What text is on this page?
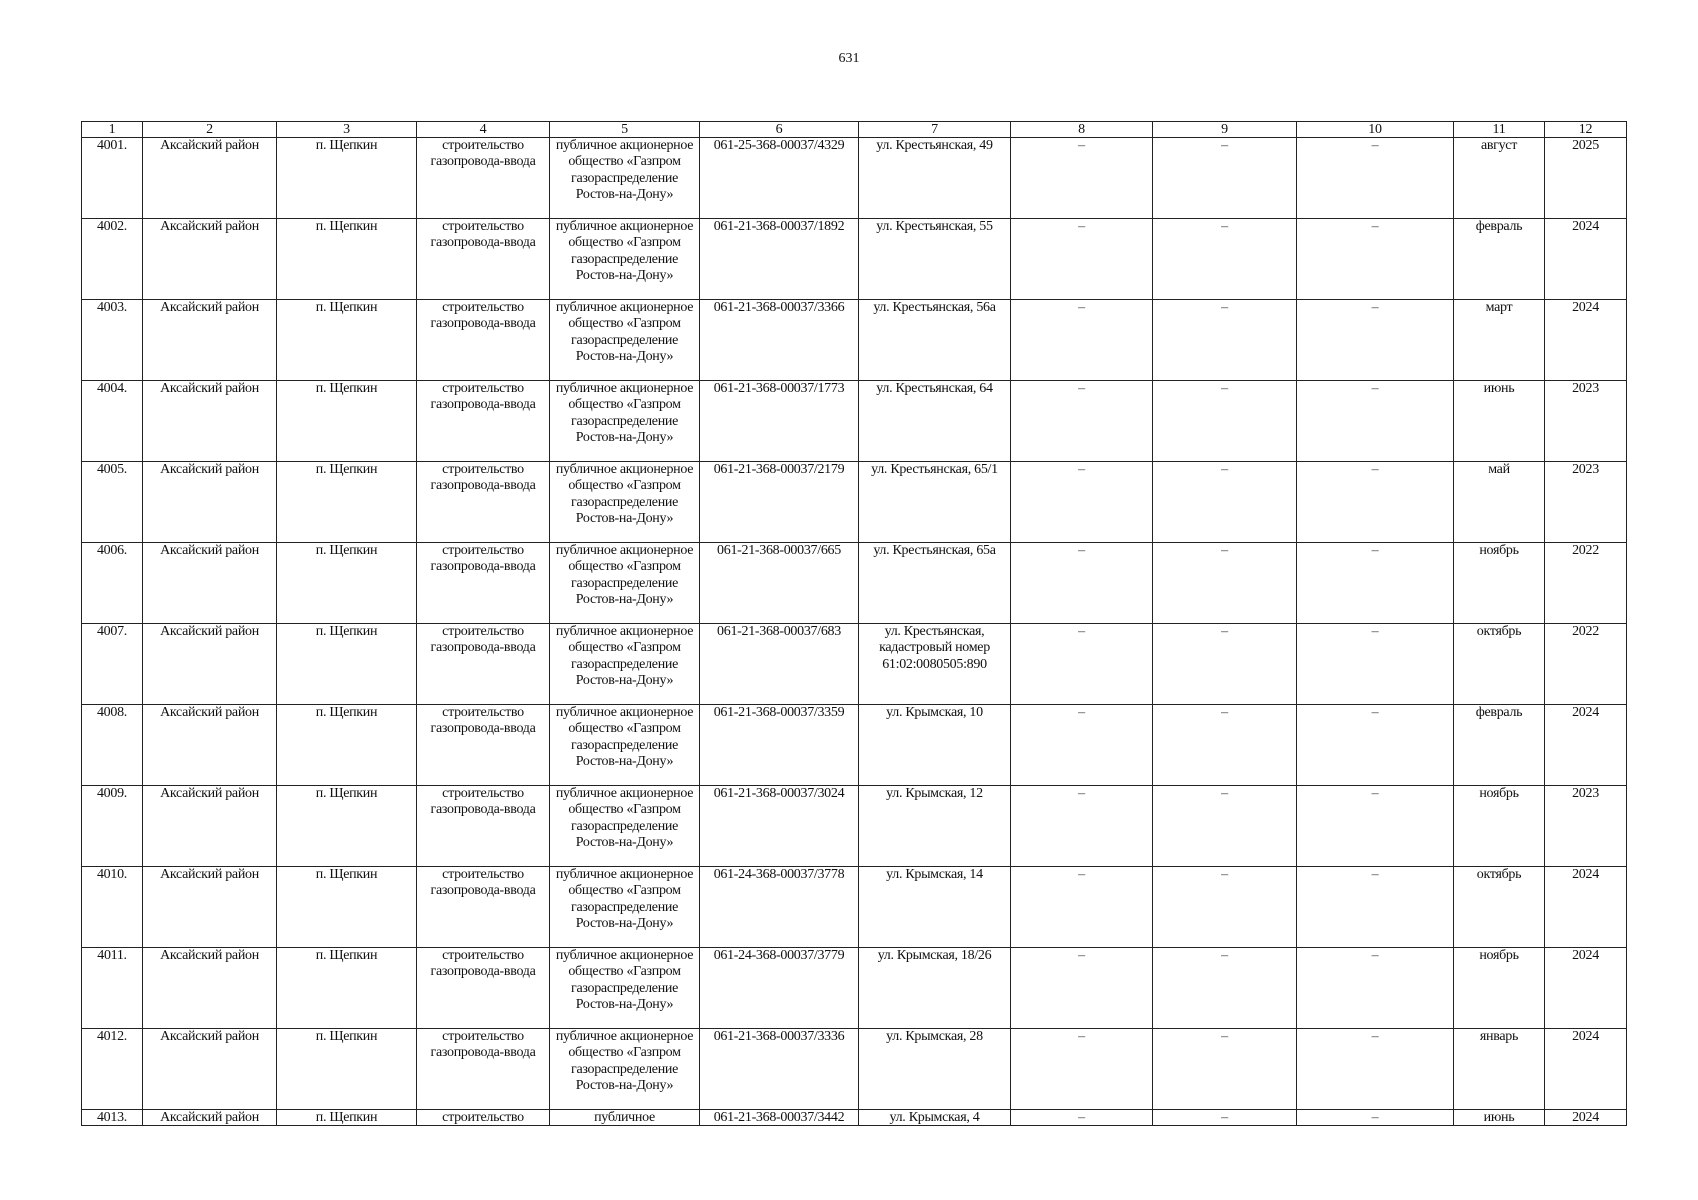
631
1	2	3	4	5	6	7	8	9	10	11	12
4001.	Аксайский район	п. Щепкин	строительство газопровода-ввода	публичное акционерное общество «Газпром газораспределение Ростов-на-Дону»	061-25-368-00037/4329	ул. Крестьянская, 49	–	–	–	август	2025
4002.	Аксайский район	п. Щепкин	строительство газопровода-ввода	публичное акционерное общество «Газпром газораспределение Ростов-на-Дону»	061-21-368-00037/1892	ул. Крестьянская, 55	–	–	–	февраль	2024
4003.	Аксайский район	п. Щепкин	строительство газопровода-ввода	публичное акционерное общество «Газпром газораспределение Ростов-на-Дону»	061-21-368-00037/3366	ул. Крестьянская, 56а	–	–	–	март	2024
4004.	Аксайский район	п. Щепкин	строительство газопровода-ввода	публичное акционерное общество «Газпром газораспределение Ростов-на-Дону»	061-21-368-00037/1773	ул. Крестьянская, 64	–	–	–	июнь	2023
4005.	Аксайский район	п. Щепкин	строительство газопровода-ввода	публичное акционерное общество «Газпром газораспределение Ростов-на-Дону»	061-21-368-00037/2179	ул. Крестьянская, 65/1	–	–	–	май	2023
4006.	Аксайский район	п. Щепкин	строительство газопровода-ввода	публичное акционерное общество «Газпром газораспределение Ростов-на-Дону»	061-21-368-00037/665	ул. Крестьянская, 65а	–	–	–	ноябрь	2022
4007.	Аксайский район	п. Щепкин	строительство газопровода-ввода	публичное акционерное общество «Газпром газораспределение Ростов-на-Дону»	061-21-368-00037/683	ул. Крестьянская, кадастровый номер 61:02:0080505:890	–	–	–	октябрь	2022
4008.	Аксайский район	п. Щепкин	строительство газопровода-ввода	публичное акционерное общество «Газпром газораспределение Ростов-на-Дону»	061-21-368-00037/3359	ул. Крымская, 10	–	–	–	февраль	2024
4009.	Аксайский район	п. Щепкин	строительство газопровода-ввода	публичное акционерное общество «Газпром газораспределение Ростов-на-Дону»	061-21-368-00037/3024	ул. Крымская, 12	–	–	–	ноябрь	2023
4010.	Аксайский район	п. Щепкин	строительство газопровода-ввода	публичное акционерное общество «Газпром газораспределение Ростов-на-Дону»	061-24-368-00037/3778	ул. Крымская, 14	–	–	–	октябрь	2024
4011.	Аксайский район	п. Щепкин	строительство газопровода-ввода	публичное акционерное общество «Газпром газораспределение Ростов-на-Дону»	061-24-368-00037/3779	ул. Крымская, 18/26	–	–	–	ноябрь	2024
4012.	Аксайский район	п. Щепкин	строительство газопровода-ввода	публичное акционерное общество «Газпром газораспределение Ростов-на-Дону»	061-21-368-00037/3336	ул. Крымская, 28	–	–	–	январь	2024
4013.	Аксайский район	п. Щепкин	строительство	публичное	061-21-368-00037/3442	ул. Крымская, 4	–	–	–	июнь	2024
